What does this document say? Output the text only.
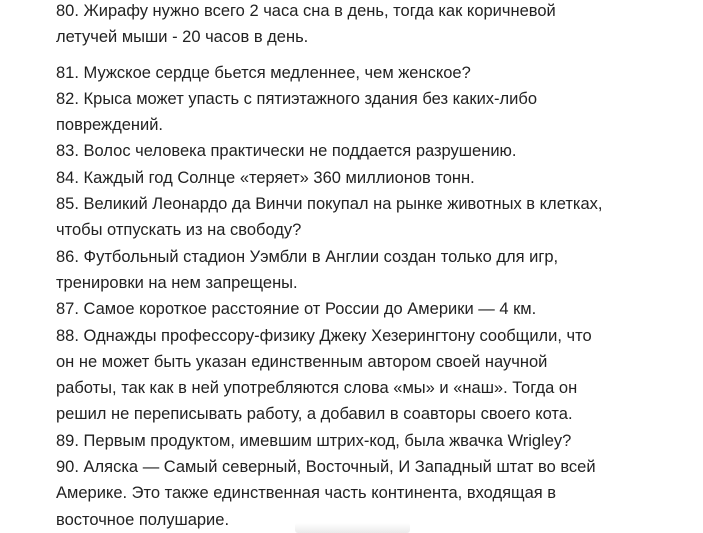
80. Жирафу нужно всего 2 часа сна в день, тогда как коричневой
летучей мыши - 20 часов в день.

81. Мужское сердце бьется медленнее, чем женское?

82. Крыса может упасть с пятиэтажного здания без каких-либо
повреждений.

83. Волос человека практически не поддается разрушению.

84. Каждый год Солнце «теряет» 360 миллионов тонн.

85. Великий Леонардо да Винчи покупал на рынке животных в клетках,
чтобы отпускать из на свободу?

86. Футбольный стадион Уэмбли в Англии создан только для игр,
тренировки на нем запрещены.

87. Самое короткое расстояние от России до Америки — 4 км.

88. Однажды профессору-физику Джеку Хезерингтону сообщили, что
он не может быть указан единственным автором своей научной
работы, так как в ней употребляются слова «мы» и «наш». Тогда он
решил не переписывать работу, а добавил в соавторы своего кота.

89. Первым продуктом, имевшим штрих-код, была жвачка Wrigley?

90. Аляска — Самый северный, Восточный, И Западный штат во всей
Америке. Это также единственная часть континента, входящая в
восточное полушарие.
